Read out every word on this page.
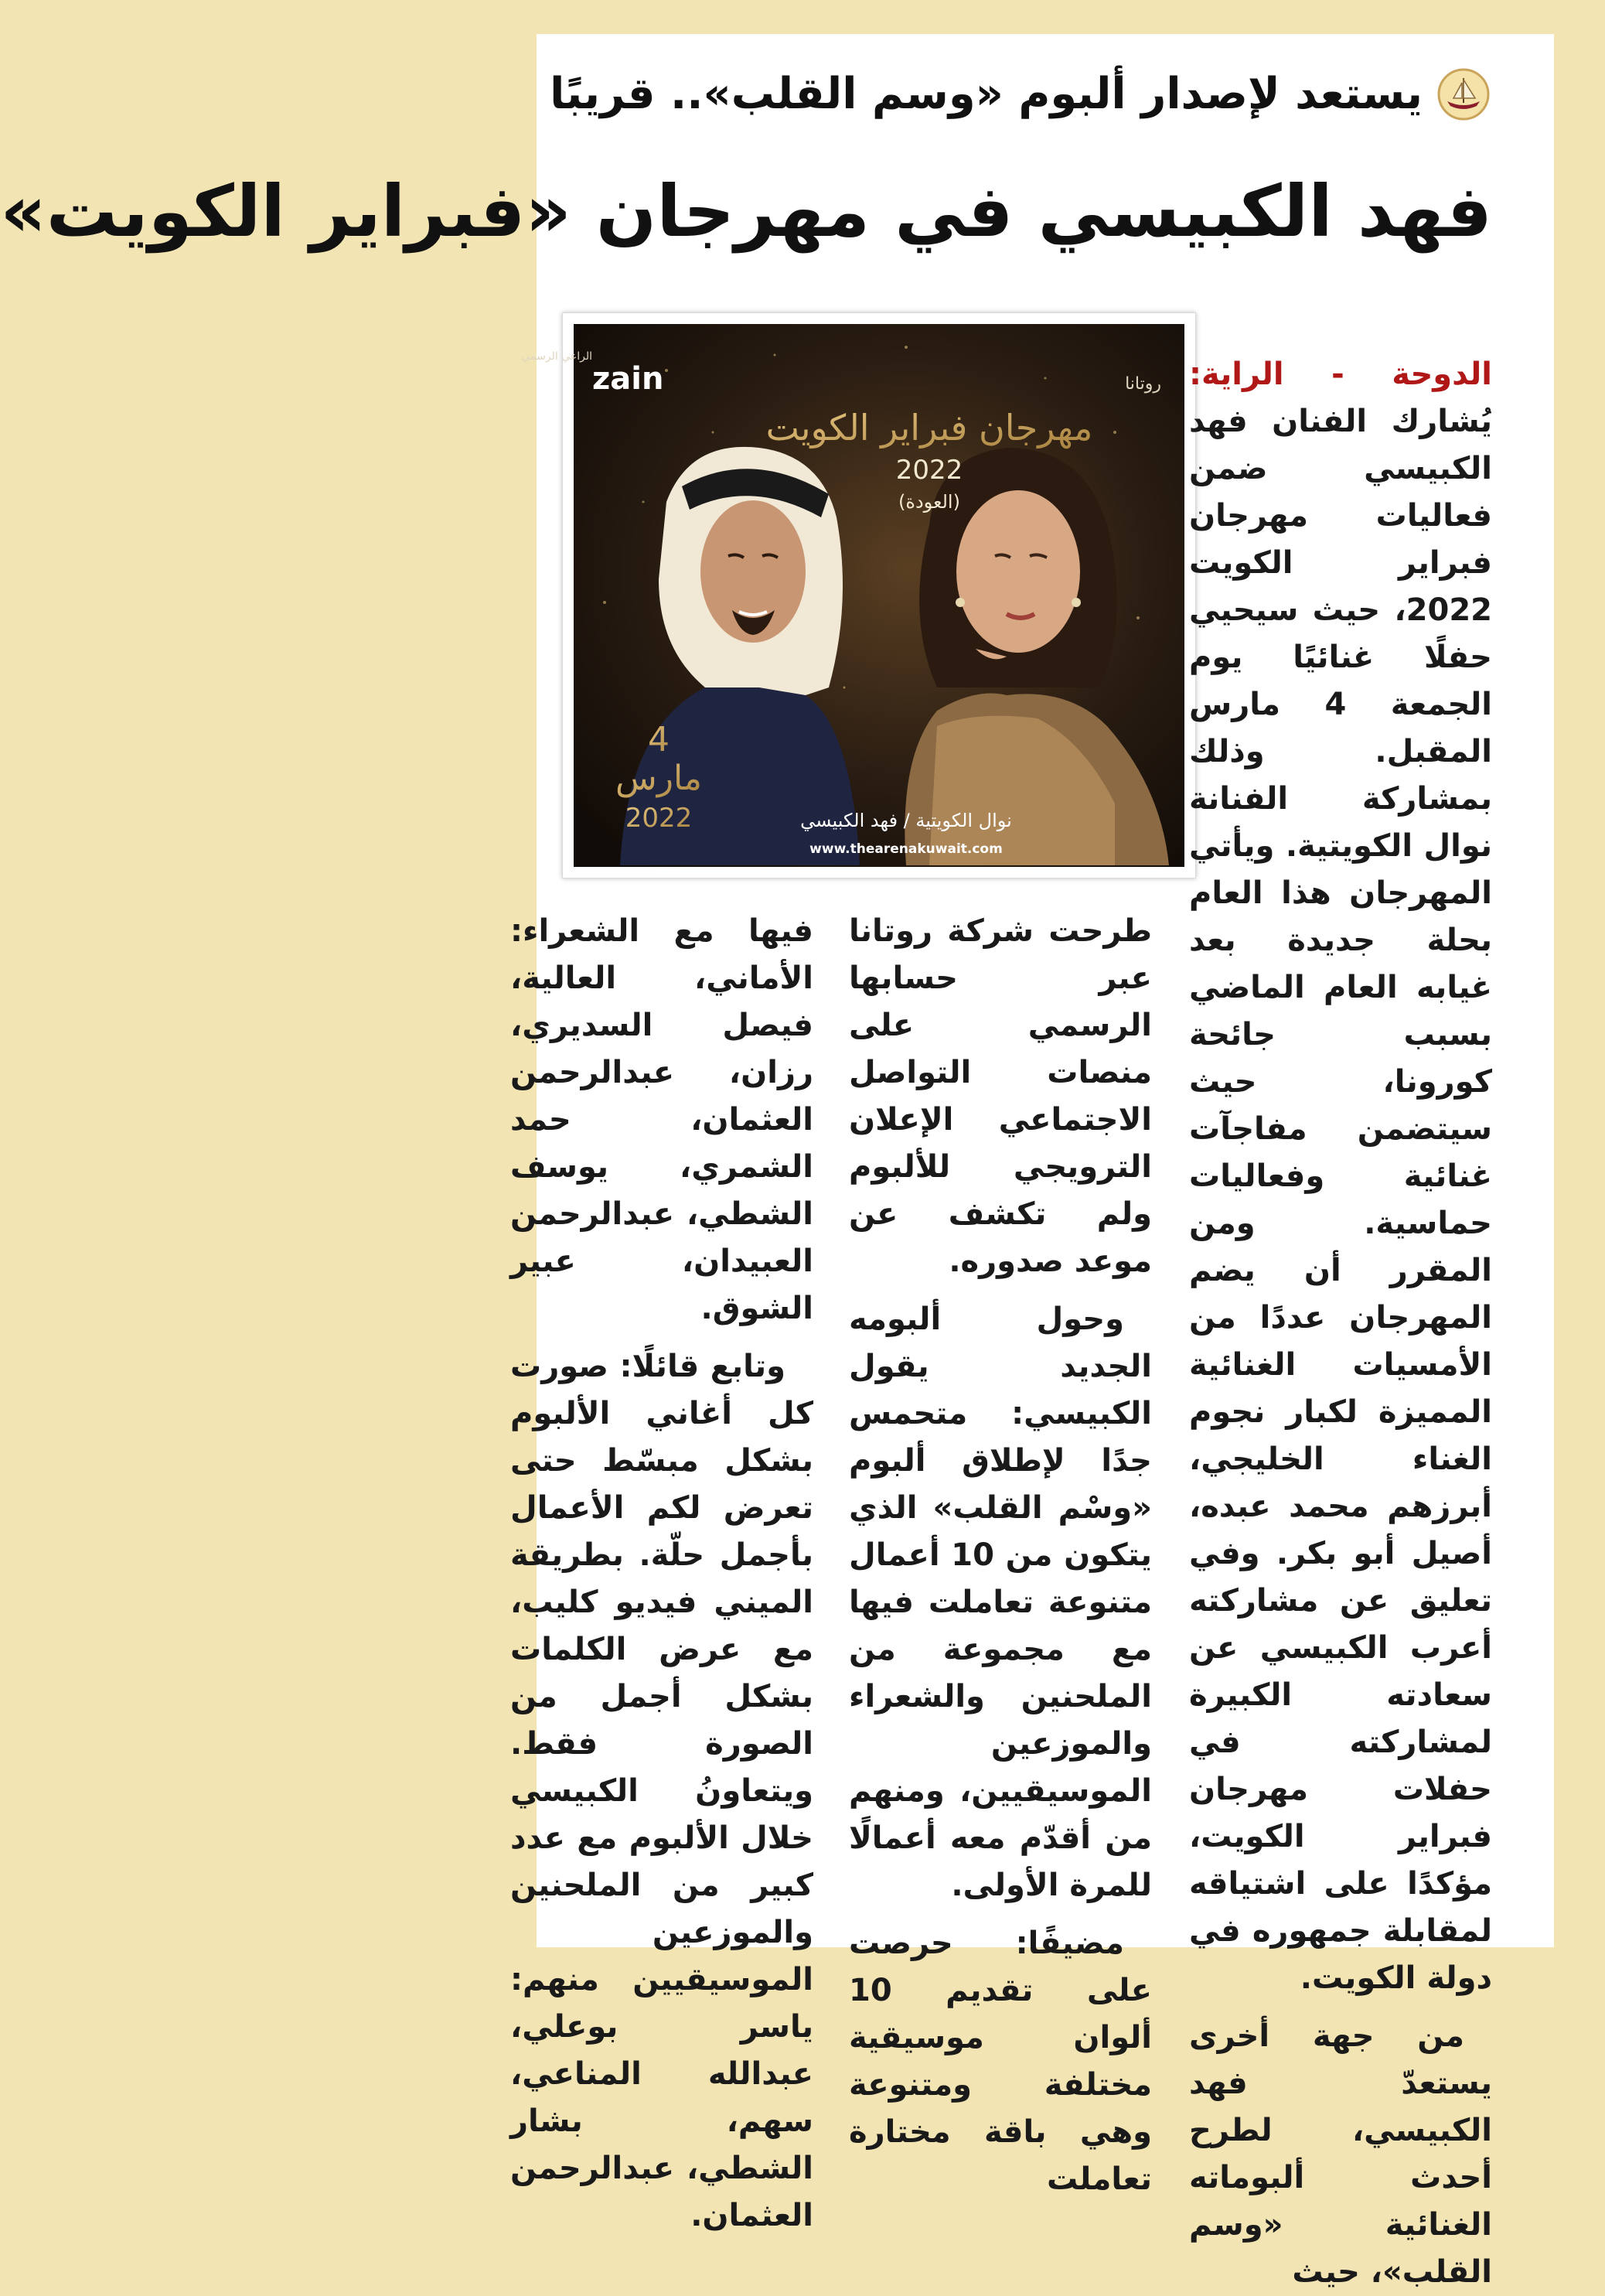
يستعد لإصدار ألبوم «وسم القلب».. قريبًا
فهد الكبيسي في مهرجان «فبراير الكويت»
الراعي الرسمي
zain	روتانا
مهرجان فبراير الكويت
2022
(العودة)
4
مارس
2022	نوال الكويتية / فهد الكبيسي
www.thearenakuwait.com

الدوحة - الراية: يُشارك الفنان فهد الكبيسي ضمن فعاليات مهرجان فبراير الكويت 2022، حيث سيحيي حفلًا غنائيًا يوم الجمعة 4 مارس المقبل. وذلك بمشاركة الفنانة نوال الكويتية. ويأتي المهرجان هذا العام بحلة جديدة بعد غيابه العام الماضي بسبب جائحة كورونا، حيث سيتضمن مفاجآت غنائية وفعاليات حماسية. ومن المقرر أن يضم المهرجان عددًا من الأمسيات الغنائية المميزة لكبار نجوم الغناء الخليجي، أبرزهم محمد عبده، أصيل أبو بكر. وفي تعليق عن مشاركته أعرب الكبيسي عن سعادته الكبيرة لمشاركته في حفلات مهرجان فبراير الكويت، مؤكدًا على اشتياقه لمقابلة جمهوره في دولة الكويت.

من جهة أخرى يستعدّ فهد الكبيسي، لطرح أحدث ألبوماته الغنائية «وسم القلب»، حيث

طرحت شركة روتانا عبر حسابها الرسمي على منصات التواصل الاجتماعي الإعلان الترويجي للألبوم ولم تكشف عن موعد صدوره.

وحول ألبومه الجديد يقول الكبيسي: متحمس جدًا لإطلاق ألبوم «وسْم القلب» الذي يتكون من 10 أعمال متنوعة تعاملت فيها مع مجموعة من الملحنين والشعراء والموزعين الموسيقيين، ومنهم من أقدّم معه أعمالًا للمرة الأولى.

مضيفًا: حرصت على تقديم 10 ألوان موسيقية مختلفة ومتنوعة وهي باقة مختارة تعاملت

فيها مع الشعراء: الأماني، العالية، فيصل السديري، رزان، عبدالرحمن العثمان، حمد الشمري، يوسف الشطي، عبدالرحمن العبيدان، عبير الشوق.

وتابع قائلًا: صورت كل أغاني الألبوم بشكل مبسّط حتى تعرض لكم الأعمال بأجمل حلّة. بطريقة الميني فيديو كليب، مع عرض الكلمات بشكل أجمل من الصورة فقط. ويتعاونُ الكبيسي خلال الألبوم مع عدد كبير من الملحنين والموزعين الموسيقيين منهم: ياسر بوعلي، عبدالله المناعي، سهم، بشار الشطي، عبدالرحمن العثمان.
